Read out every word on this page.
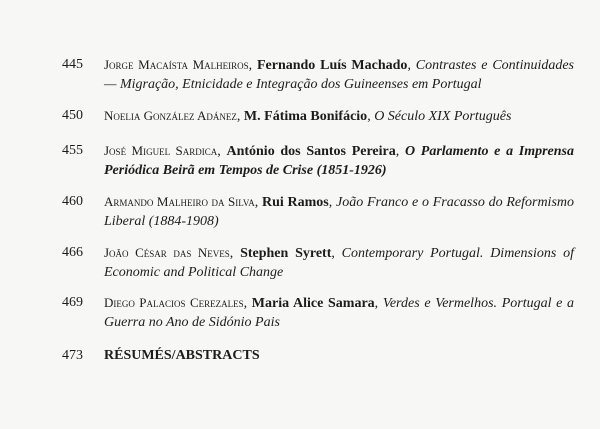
445	Jorge Macaísta Malheiros, Fernando Luís Machado, Contrastes e Continuidades — Migração, Etnicidade e Integração dos Guineenses em Portugal
450	Noelia González Adánez, M. Fátima Bonifácio, O Século XIX Português
455	José Miguel Sardica, António dos Santos Pereira, O Parlamento e a Imprensa Periódica Beirã em Tempos de Crise (1851-1926)
460	Armando Malheiro da Silva, Rui Ramos, João Franco e o Fracasso do Reformismo Liberal (1884-1908)
466	João César das Neves, Stephen Syrett, Contemporary Portugal. Dimensions of Economic and Political Change
469	Diego Palacios Cerezales, Maria Alice Samara, Verdes e Vermelhos. Portugal e a Guerra no Ano de Sidónio Pais
473	RÉSUMÉS/ABSTRACTS
